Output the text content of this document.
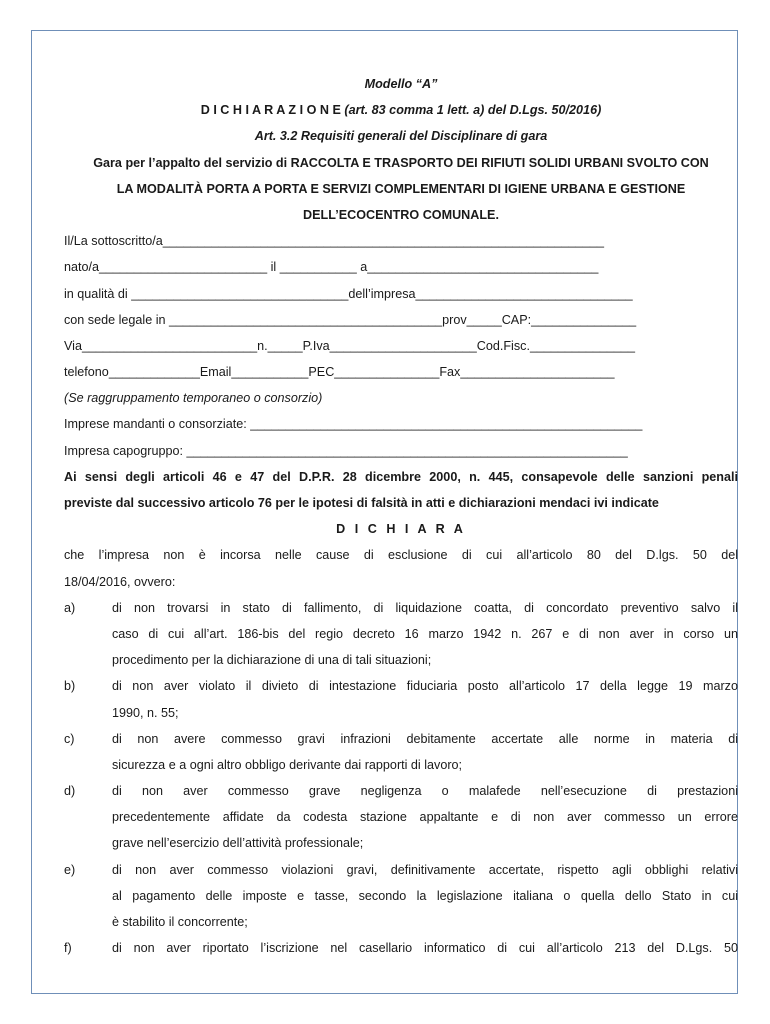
Modello “A”
D I C H I A R A Z I O N E (art. 83 comma 1 lett. a) del D.Lgs. 50/2016)
Art. 3.2 Requisiti generali del Disciplinare di gara
Gara per l’appalto del servizio di RACCOLTA E TRASPORTO DEI RIFIUTI SOLIDI URBANI SVOLTO CON
LA MODALITÀ PORTA A PORTA E SERVIZI COMPLEMENTARI DI IGIENE URBANA E GESTIONE
DELL’ECOCENTRO COMUNALE.
Il/La sottoscritto/a_______________________________________________________________
nato/a________________________ il ___________ a_________________________________
in qualità di _______________________________dell’impresa_______________________________
con sede legale in _______________________________________prov_____CAP:_______________
Via_________________________n._____P.Iva_____________________Cod.Fisc._______________
telefono_____________Email___________PEC_______________Fax______________________
(Se raggruppamento temporaneo o consorzio)
Imprese mandanti o consorziate: ________________________________________________________
Impresa capogruppo: _______________________________________________________________
Ai sensi degli articoli 46 e 47 del D.P.R. 28 dicembre 2000, n. 445, consapevole delle sanzioni penali
previste dal successivo articolo 76 per le ipotesi di falsità in atti e dichiarazioni mendaci ivi indicate
D I C H I A R A
che l’impresa non è incorsa nelle cause di esclusione di cui all’articolo 80 del D.lgs. 50 del
18/04/2016, ovvero:
a)	di non trovarsi in stato di fallimento, di liquidazione coatta, di concordato preventivo salvo il
caso di cui all’art. 186-bis del regio decreto 16 marzo 1942 n. 267 e di non aver in corso un
procedimento per la dichiarazione di una di tali situazioni;
b)	di non aver violato il divieto di intestazione fiduciaria posto all’articolo 17 della legge 19 marzo
1990, n. 55;
c)	di non avere commesso gravi infrazioni debitamente accertate alle norme in materia di
sicurezza e a ogni altro obbligo derivante dai rapporti di lavoro;
d)	di non aver commesso grave negligenza o malafede nell’esecuzione di prestazioni
precedentemente affidate da codesta stazione appaltante e di non aver commesso un errore
grave nell’esercizio dell’attività professionale;
e)	di non aver commesso violazioni gravi, definitivamente accertate, rispetto agli obblighi relativi
al pagamento delle imposte e tasse, secondo la legislazione italiana o quella dello Stato in cui
è stabilito il concorrente;
f)	di non aver riportato l’iscrizione nel casellario informatico di cui all’articolo 213 del D.Lgs. 50
